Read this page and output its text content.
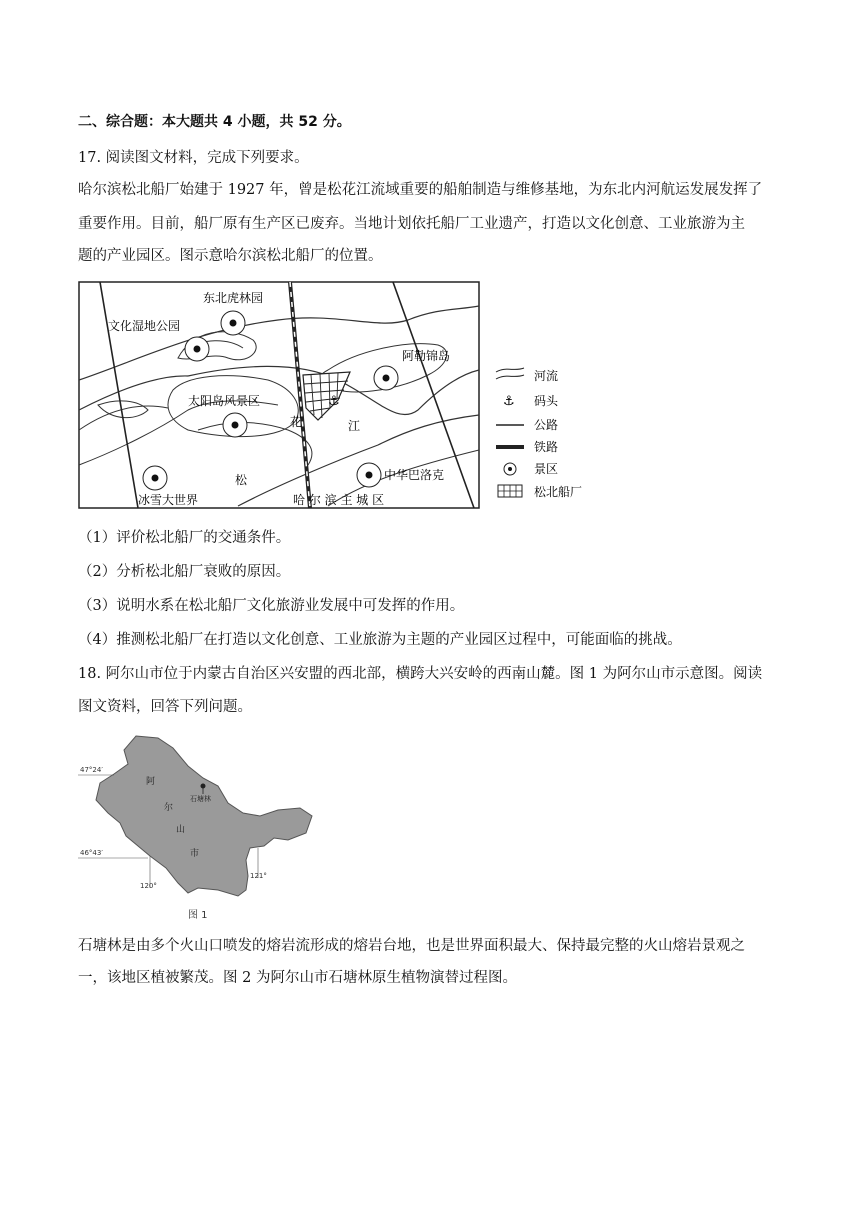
二、综合题：本大题共 4 小题，共 52 分。
17. 阅读图文材料，完成下列要求。
哈尔滨松北船厂始建于 1927 年，曾是松花江流域重要的船舶制造与维修基地，为东北内河航运发展发挥了
重要作用。目前，船厂原有生产区已废弃。当地计划依托船厂工业遗产，打造以文化创意、工业旅游为主
题的产业园区。图示意哈尔滨松北船厂的位置。
⚓
东北虎林园
文化湿地公园
阿勒锦岛
太阳岛风景区
冰雪大世界
中华巴洛克
哈 尔 滨 主 城 区
松
花	江
河流
⚓ 码头
公路
铁路
景区
松北船厂
（1）评价松北船厂的交通条件。
（2）分析松北船厂衰败的原因。
（3）说明水系在松北船厂文化旅游业发展中可发挥的作用。
（4）推测松北船厂在打造以文化创意、工业旅游为主题的产业园区过程中，可能面临的挑战。
18. 阿尔山市位于内蒙古自治区兴安盟的西北部，横跨大兴安岭的西南山麓。图 1 为阿尔山市示意图。阅读
图文资料，回答下列问题。
47°24′
46°43′
120°
121°
石塘林
阿
尔
山
市
图 1
石塘林是由多个火山口喷发的熔岩流形成的熔岩台地，也是世界面积最大、保持最完整的火山熔岩景观之
一，该地区植被繁茂。图 2 为阿尔山市石塘林原生植物演替过程图。
